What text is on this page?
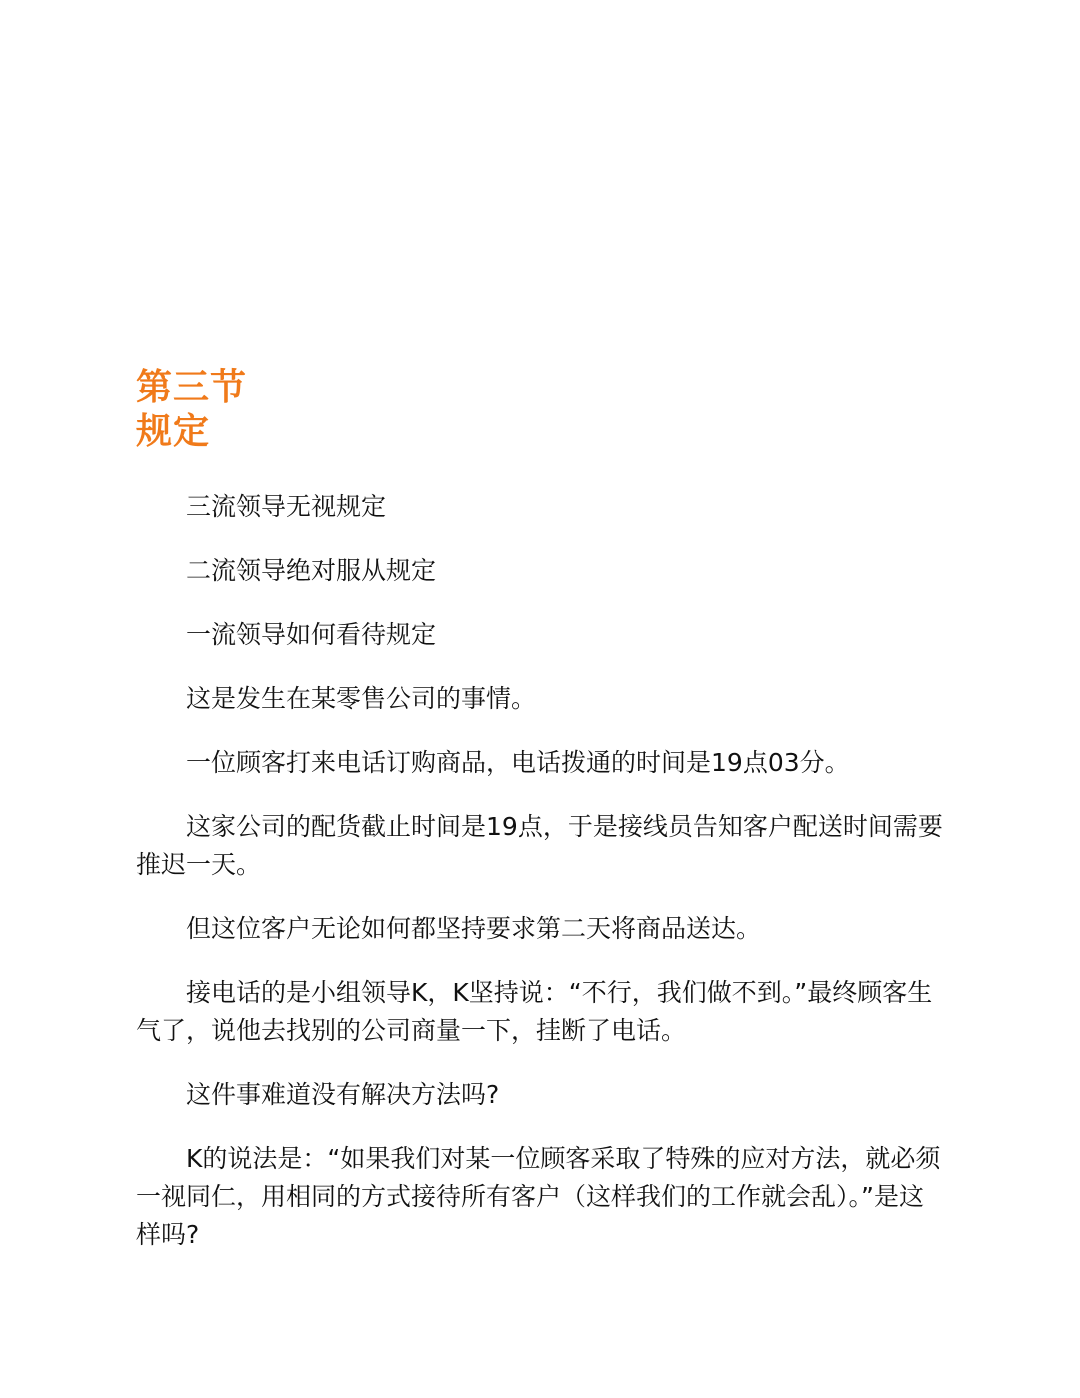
第三节
规定

三流领导无视规定

二流领导绝对服从规定

一流领导如何看待规定

这是发生在某零售公司的事情。

一位顾客打来电话订购商品，电话拨通的时间是19点03分。

这家公司的配货截止时间是19点，于是接线员告知客户配送时间需要推迟一天。

但这位客户无论如何都坚持要求第二天将商品送达。

接电话的是小组领导K，K坚持说：“不行，我们做不到。”最终顾客生气了，说他去找别的公司商量一下，挂断了电话。

这件事难道没有解决方法吗?

K的说法是：“如果我们对某一位顾客采取了特殊的应对方法，就必须一视同仁，用相同的方式接待所有客户（这样我们的工作就会乱）。”是这样吗?
